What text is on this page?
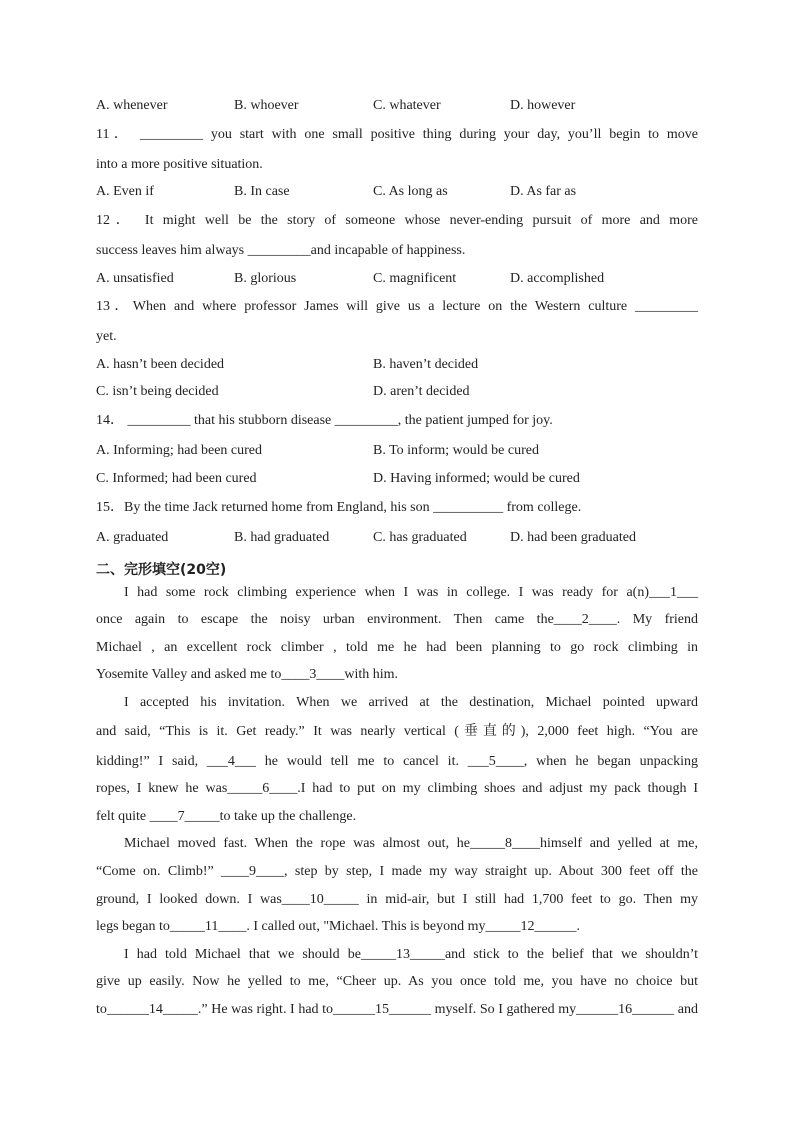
A. whenever	B. whoever	C. whatever	D. however
11． _________ you start with one small positive thing during your day, you’ll begin to move
into a more positive situation.
A. Even if	B. In case	C. As long as	D. As far as
12． It might well be the story of someone whose never-ending pursuit of more and more
success leaves him always _________and incapable of happiness.
A. unsatisfied	B. glorious	C. magnificent	D. accomplished
13．When and where professor James will give us a lecture on the Western culture _________
yet.
A. hasn’t been decided	B. haven’t decided
C. isn’t being decided	D. aren’t decided
14． _________ that his stubborn disease _________, the patient jumped for joy.
A. Informing; had been cured	B. To inform; would be cured
C. Informed; had been cured	D. Having informed; would be cured
15．By the time Jack returned home from England, his son __________ from college.
A. graduated	B. had graduated	C. has graduated	D. had been graduated
二、完形填空(20空)
I had some rock climbing experience when I was in college. I was ready for a(n)___1___
once again to escape the noisy urban environment. Then came the____2____. My friend
Michael , an excellent rock climber , told me he had been planning to go rock climbing in
Yosemite Valley and asked me to____3____with him.
I accepted his invitation. When we arrived at the destination, Michael pointed upward
and said, “This is it. Get ready.” It was nearly vertical (垂直的), 2,000 feet high. “You are
kidding!” I said, ___4___ he would tell me to cancel it. ___5____, when he began unpacking
ropes, I knew he was_____6____.I had to put on my climbing shoes and adjust my pack though I
felt quite ____7_____to take up the challenge.
Michael moved fast. When the rope was almost out, he_____8____himself and yelled at me,
“Come on. Climb!” ____9____, step by step, I made my way straight up. About 300 feet off the
ground, I looked down. I was____10_____ in mid-air, but I still had 1,700 feet to go. Then my
legs began to_____11____. I called out, "Michael. This is beyond my_____12______.
I had told Michael that we should be_____13_____and stick to the belief that we shouldn’t
give up easily. Now he yelled to me, “Cheer up. As you once told me, you have no choice but
to______14_____.” He was right. I had to______15______ myself. So I gathered my______16______ and
